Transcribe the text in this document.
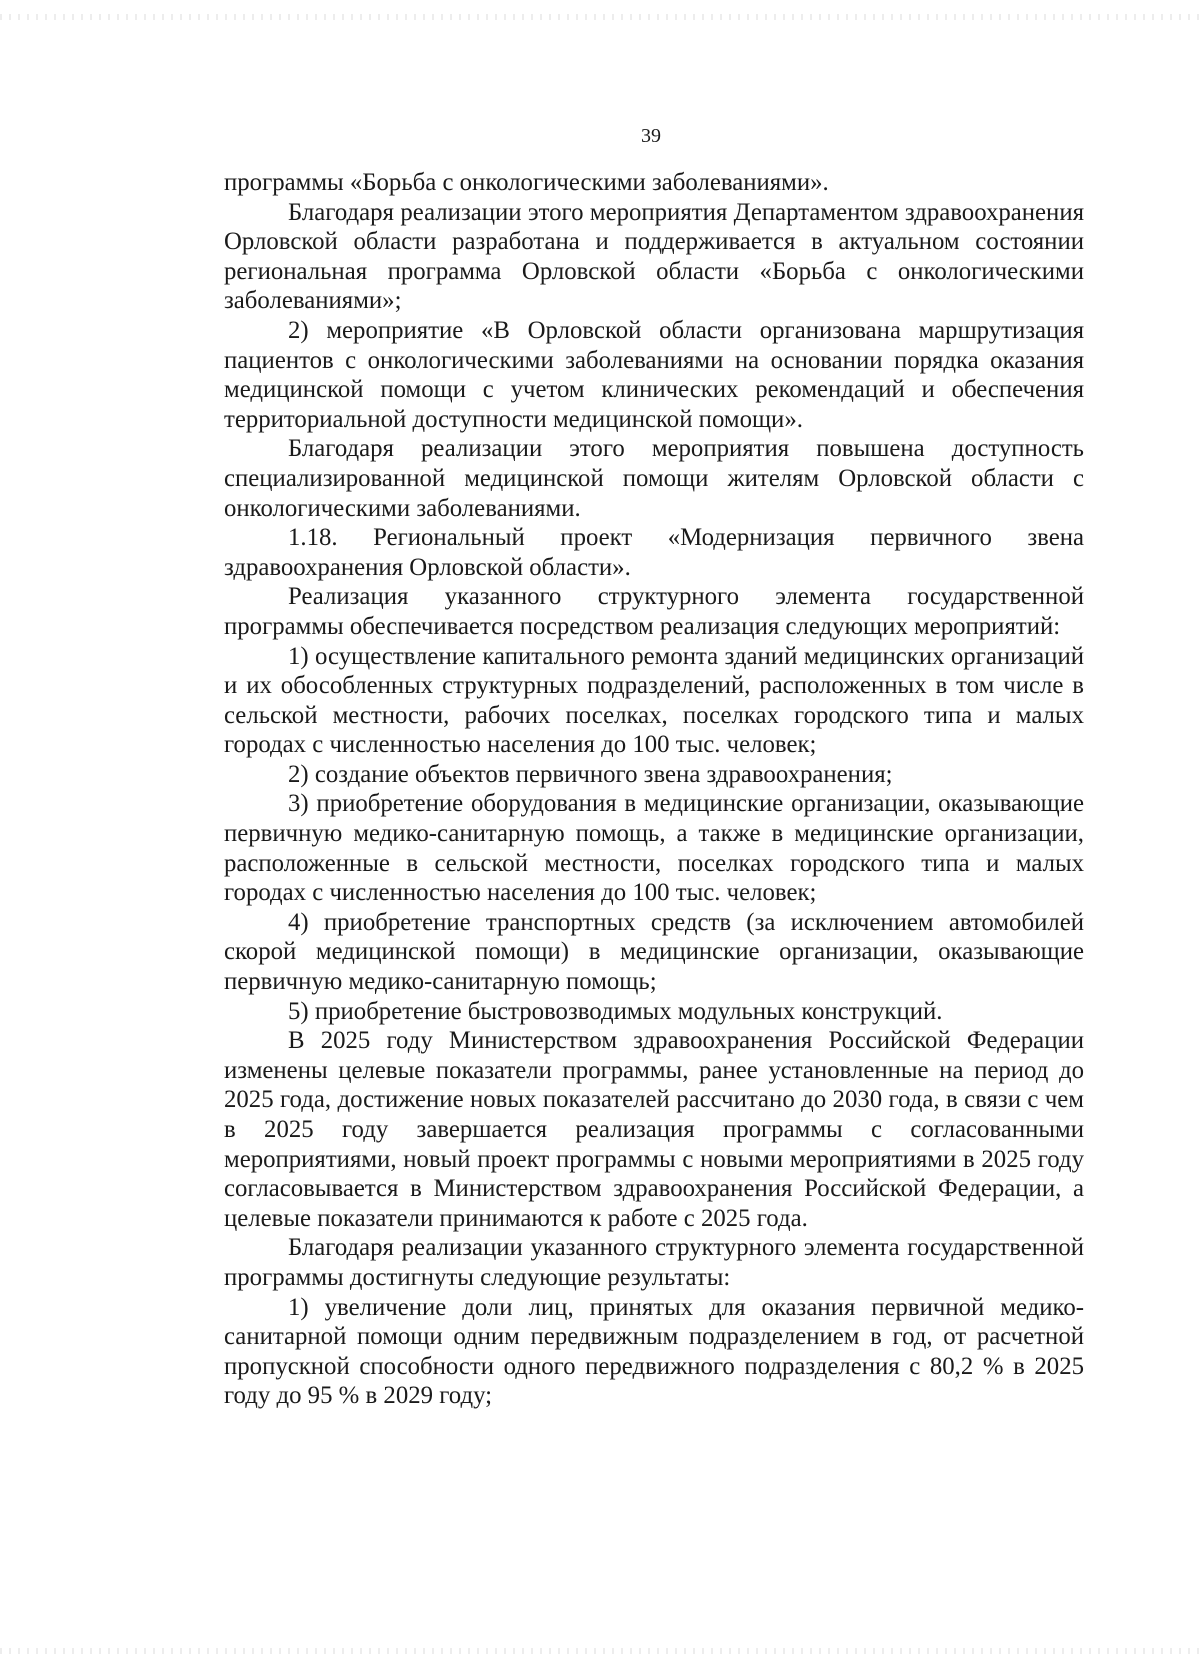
39

программы «Борьба с онкологическими заболеваниями».

Благодаря реализации этого мероприятия Департаментом здравоохранения Орловской области разработана и поддерживается в актуальном состоянии региональная программа Орловской области «Борьба с онкологическими заболеваниями»;

2) мероприятие «В Орловской области организована маршрутизация пациентов с онкологическими заболеваниями на основании порядка оказания медицинской помощи с учетом клинических рекомендаций и обеспечения территориальной доступности медицинской помощи».

Благодаря реализации этого мероприятия повышена доступность специализированной медицинской помощи жителям Орловской области с онкологическими заболеваниями.

1.18. Региональный проект «Модернизация первичного звена здравоохранения Орловской области».

Реализация указанного структурного элемента государственной программы обеспечивается посредством реализация следующих мероприятий:

1) осуществление капитального ремонта зданий медицинских организаций и их обособленных структурных подразделений, расположенных в том числе в сельской местности, рабочих поселках, поселках городского типа и малых городах с численностью населения до 100 тыс. человек;

2) создание объектов первичного звена здравоохранения;

3) приобретение оборудования в медицинские организации, оказывающие первичную медико-санитарную помощь, а также в медицинские организации, расположенные в сельской местности, поселках городского типа и малых городах с численностью населения до 100 тыс. человек;

4) приобретение транспортных средств (за исключением автомобилей скорой медицинской помощи) в медицинские организации, оказывающие первичную медико-санитарную помощь;

5) приобретение быстровозводимых модульных конструкций.

В 2025 году Министерством здравоохранения Российской Федерации изменены целевые показатели программы, ранее установленные на период до 2025 года, достижение новых показателей рассчитано до 2030 года, в связи с чем в 2025 году завершается реализация программы с согласованными мероприятиями, новый проект программы с новыми мероприятиями в 2025 году согласовывается в Министерством здравоохранения Российской Федерации, а целевые показатели принимаются к работе с 2025 года.

Благодаря реализации указанного структурного элемента государственной программы достигнуты следующие результаты:

1) увеличение доли лиц, принятых для оказания первичной медико-санитарной помощи одним передвижным подразделением в год, от расчетной пропускной способности одного передвижного подразделения с 80,2 % в 2025 году до 95 % в 2029 году;
